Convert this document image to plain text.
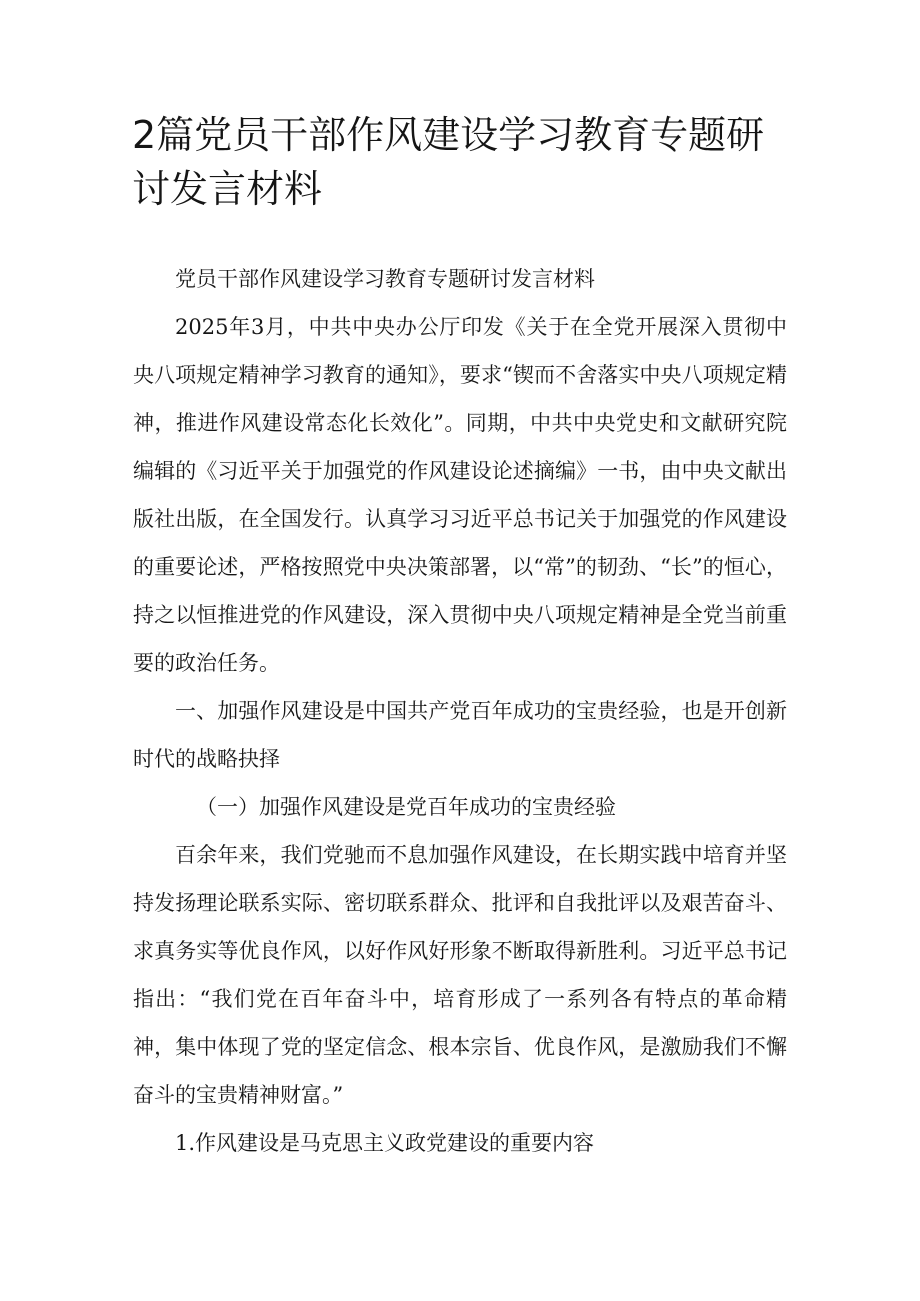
2篇党员干部作风建设学习教育专题研讨发言材料

党员干部作风建设学习教育专题研讨发言材料

2025年3月，中共中央办公厅印发《关于在全党开展深入贯彻中央八项规定精神学习教育的通知》，要求“锲而不舍落实中央八项规定精神，推进作风建设常态化长效化”。同期，中共中央党史和文献研究院编辑的《习近平关于加强党的作风建设论述摘编》一书，由中央文献出版社出版，在全国发行。认真学习习近平总书记关于加强党的作风建设的重要论述，严格按照党中央决策部署，以“常”的韧劲、“长”的恒心，持之以恒推进党的作风建设，深入贯彻中央八项规定精神是全党当前重要的政治任务。

一、加强作风建设是中国共产党百年成功的宝贵经验，也是开创新时代的战略抉择

（一）加强作风建设是党百年成功的宝贵经验

百余年来，我们党驰而不息加强作风建设，在长期实践中培育并坚持发扬理论联系实际、密切联系群众、批评和自我批评以及艰苦奋斗、求真务实等优良作风，以好作风好形象不断取得新胜利。习近平总书记指出：“我们党在百年奋斗中，培育形成了一系列各有特点的革命精神，集中体现了党的坚定信念、根本宗旨、优良作风，是激励我们不懈奋斗的宝贵精神财富。”

1.作风建设是马克思主义政党建设的重要内容
